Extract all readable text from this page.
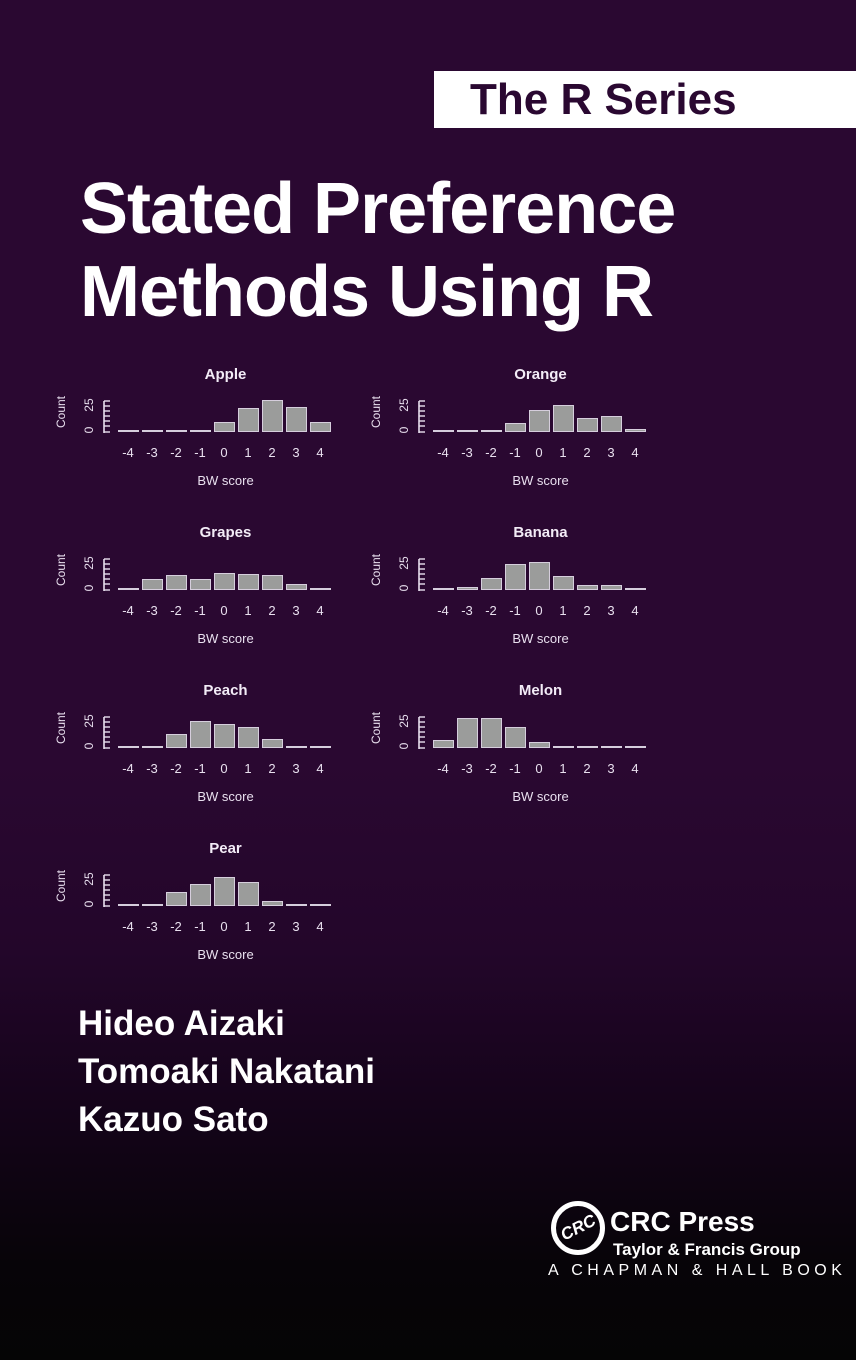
The R Series
Stated Preference
Methods Using R
Apple
Count 25
0
-4 -3 -2 -1	0	1	2	3	4
BW score
Orange
Count 25
0
-4 -3 -2 -1	0	1	2	3	4
BW score
Grapes
Count 25
0
-4 -3 -2 -1	0	1	2	3	4
BW score
Banana
Count 25
0
-4 -3 -2 -1	0	1	2	3	4
BW score
Peach
Count 25
0
-4 -3 -2 -1	0	1	2	3	4
BW score
Melon
Count 25
0
-4 -3 -2 -1	0	1	2	3	4
BW score
Pear
Count 25
0
-4 -3 -2 -1	0	1	2	3	4
BW score
Hideo Aizaki
Tomoaki Nakatani
Kazuo Sato
CRC CRC Press
Taylor & Francis Group
A CHAPMAN & HALL BOOK
